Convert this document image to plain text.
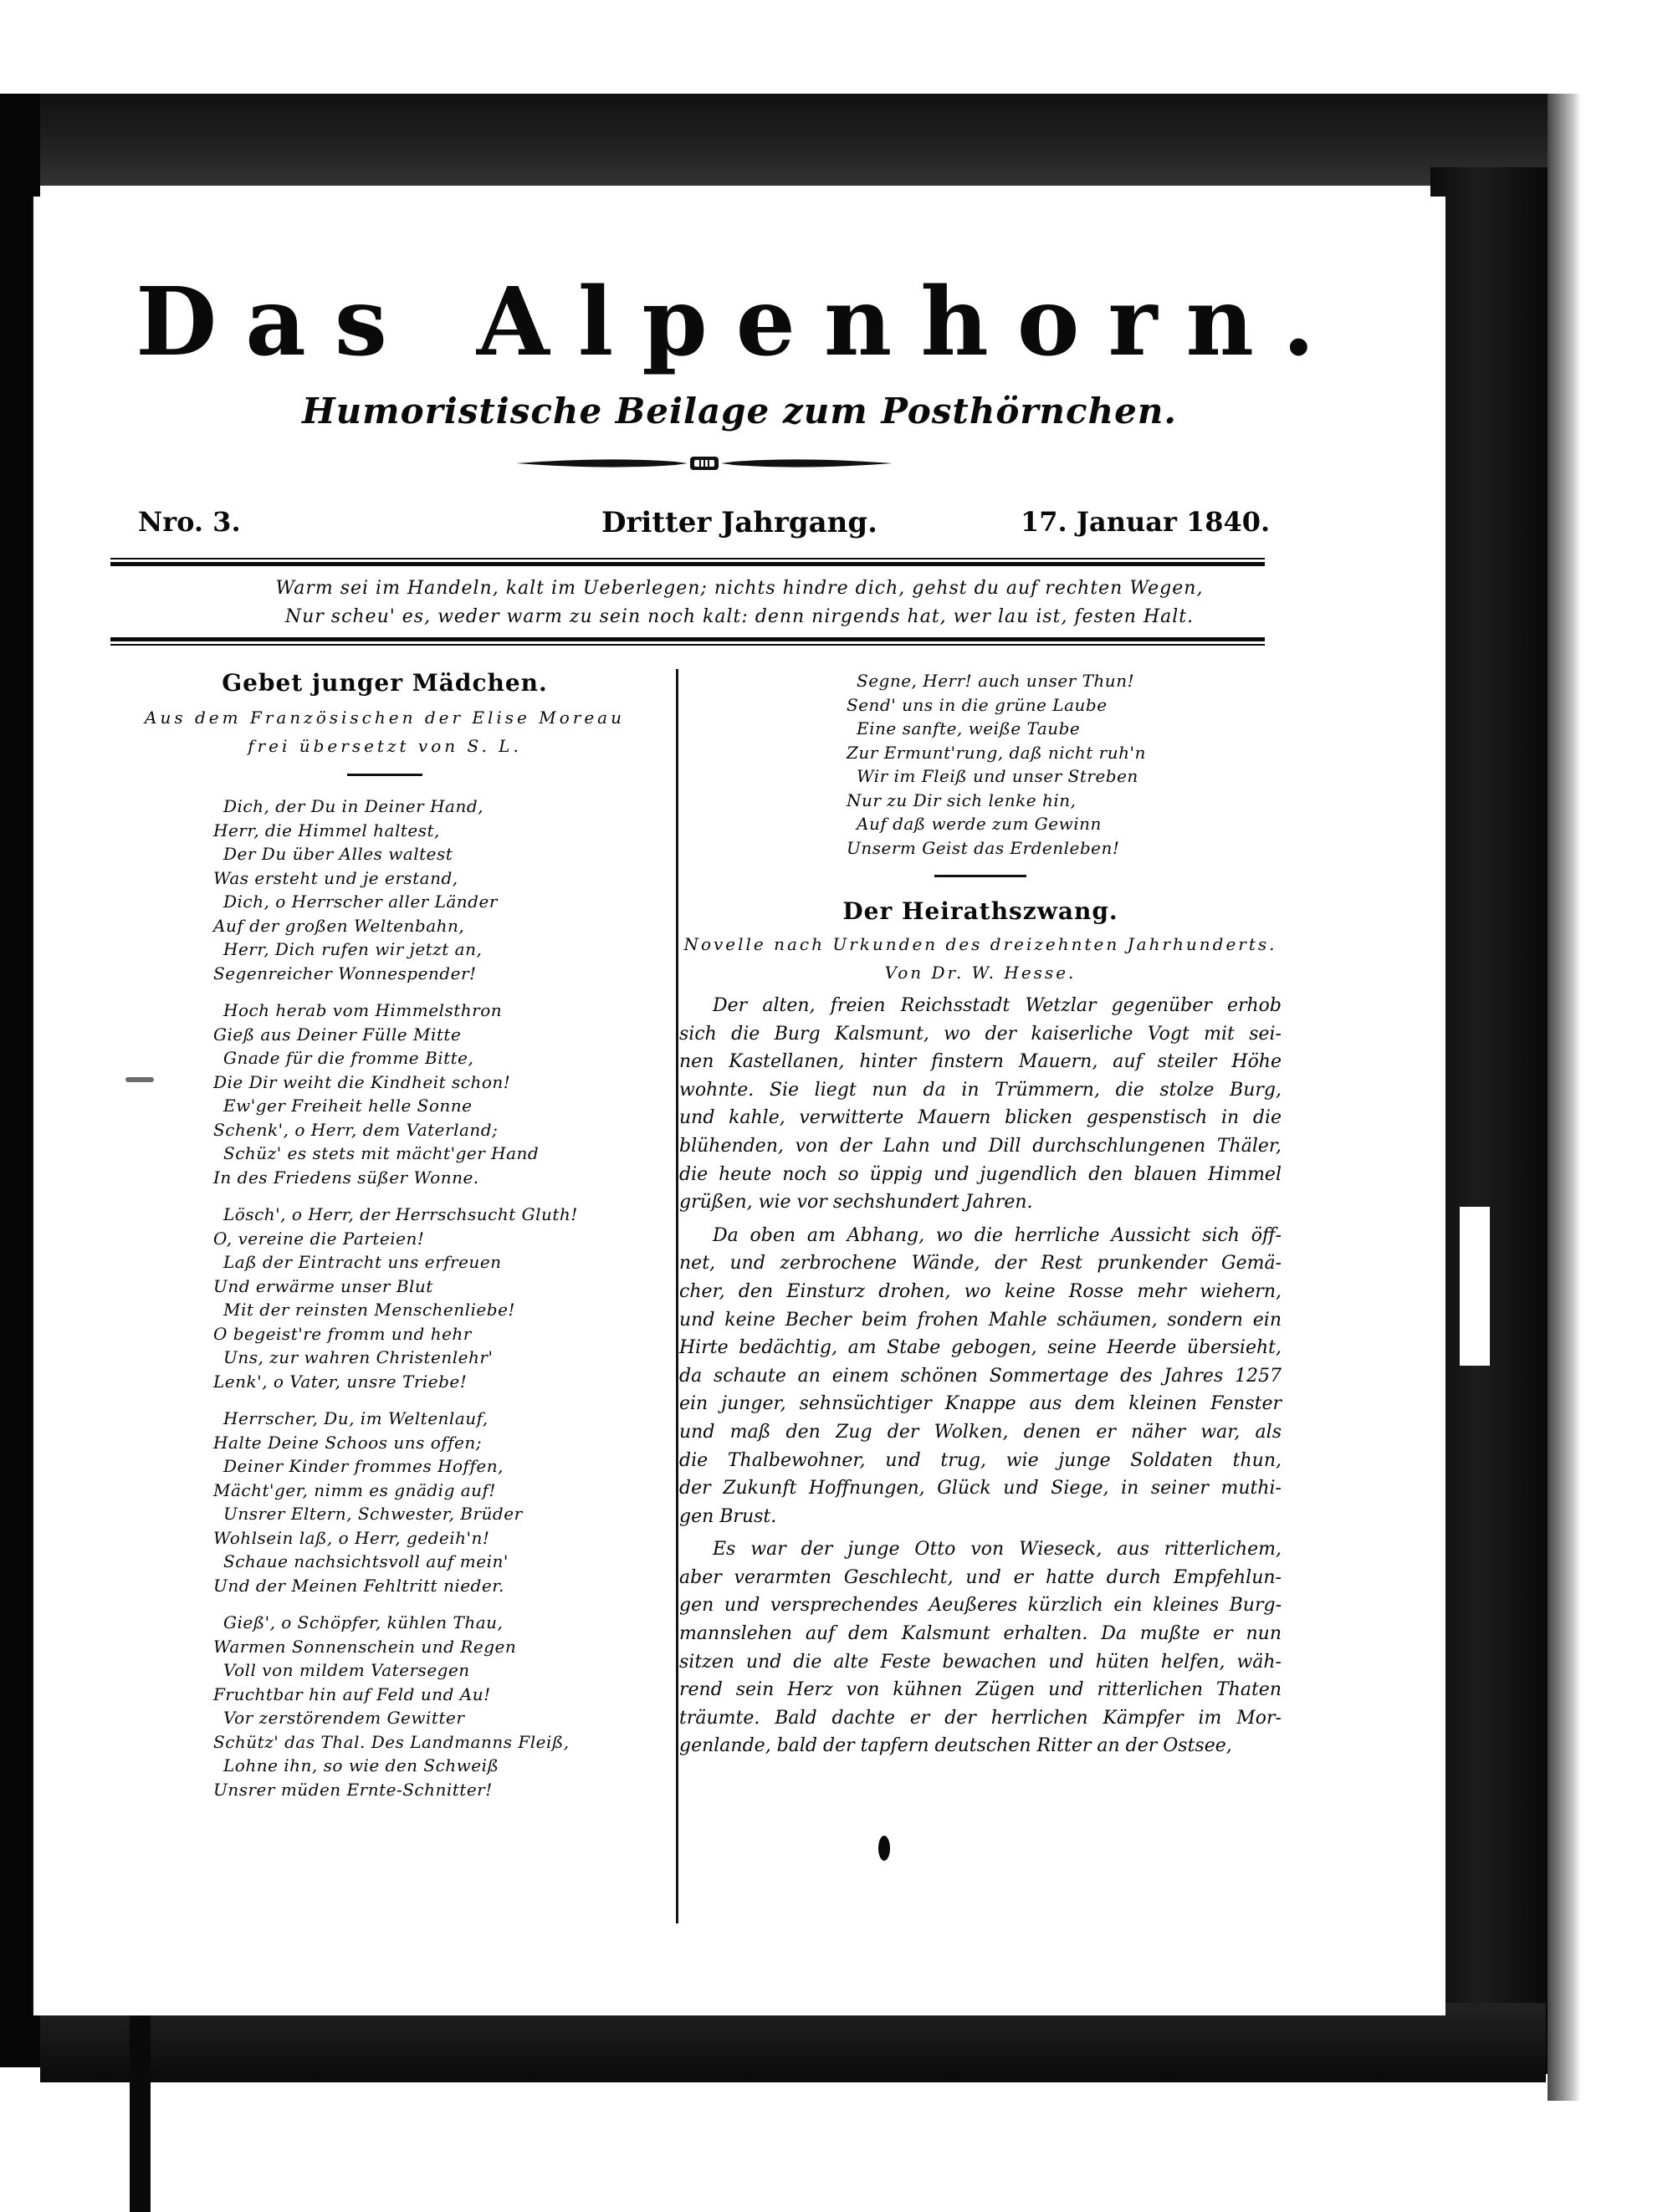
Das Alpenhorn.
Humoristische Beilage zum Posthörnchen.
Nro. 3.	Dritter Jahrgang.	17. Januar 1840.
Warm sei im Handeln, kalt im Ueberlegen; nichts hindre dich, gehst du auf rechten Wegen,
Nur scheu' es, weder warm zu sein noch kalt: denn nirgends hat, wer lau ist, festen Halt.
Gebet junger Mädchen.
Aus dem Französischen der Elise Moreau
frei übersetzt von S. L.
Dich, der Du in Deiner Hand,
Herr, die Himmel haltest,
Der Du über Alles waltest
Was ersteht und je erstand,
Dich, o Herrscher aller Länder
Auf der großen Weltenbahn,
Herr, Dich rufen wir jetzt an,
Segenreicher Wonnespender!
Hoch herab vom Himmelsthron
Gieß aus Deiner Fülle Mitte
Gnade für die fromme Bitte,
Die Dir weiht die Kindheit schon!
Ew'ger Freiheit helle Sonne
Schenk', o Herr, dem Vaterland;
Schüz' es stets mit mächt'ger Hand
In des Friedens süßer Wonne.
Lösch', o Herr, der Herrschsucht Gluth!
O, vereine die Parteien!
Laß der Eintracht uns erfreuen
Und erwärme unser Blut
Mit der reinsten Menschenliebe!
O begeist're fromm und hehr
Uns, zur wahren Christenlehr'
Lenk', o Vater, unsre Triebe!
Herrscher, Du, im Weltenlauf,
Halte Deine Schoos uns offen;
Deiner Kinder frommes Hoffen,
Mächt'ger, nimm es gnädig auf!
Unsrer Eltern, Schwester, Brüder
Wohlsein laß, o Herr, gedeih'n!
Schaue nachsichtsvoll auf mein'
Und der Meinen Fehltritt nieder.
Gieß', o Schöpfer, kühlen Thau,
Warmen Sonnenschein und Regen
Voll von mildem Vatersegen
Fruchtbar hin auf Feld und Au!
Vor zerstörendem Gewitter
Schütz' das Thal. Des Landmanns Fleiß,
Lohne ihn, so wie den Schweiß
Unsrer müden Ernte-Schnitter!
Segne, Herr! auch unser Thun!
Send' uns in die grüne Laube
Eine sanfte, weiße Taube
Zur Ermunt'rung, daß nicht ruh'n
Wir im Fleiß und unser Streben
Nur zu Dir sich lenke hin,
Auf daß werde zum Gewinn
Unserm Geist das Erdenleben!
Der Heirathszwang.
Novelle nach Urkunden des dreizehnten Jahrhunderts.
Von Dr. W. Hesse.
Der alten, freien Reichsstadt Wetzlar gegenüber erhob
sich die Burg Kalsmunt, wo der kaiserliche Vogt mit sei-
nen Kastellanen, hinter finstern Mauern, auf steiler Höhe
wohnte. Sie liegt nun da in Trümmern, die stolze Burg,
und kahle, verwitterte Mauern blicken gespenstisch in die
blühenden, von der Lahn und Dill durchschlungenen Thäler,
die heute noch so üppig und jugendlich den blauen Himmel
grüßen, wie vor sechshundert Jahren.
Da oben am Abhang, wo die herrliche Aussicht sich öff-
net, und zerbrochene Wände, der Rest prunkender Gemä-
cher, den Einsturz drohen, wo keine Rosse mehr wiehern,
und keine Becher beim frohen Mahle schäumen, sondern ein
Hirte bedächtig, am Stabe gebogen, seine Heerde übersieht,
da schaute an einem schönen Sommertage des Jahres 1257
ein junger, sehnsüchtiger Knappe aus dem kleinen Fenster
und maß den Zug der Wolken, denen er näher war, als
die Thalbewohner, und trug, wie junge Soldaten thun,
der Zukunft Hoffnungen, Glück und Siege, in seiner muthi-
gen Brust.
Es war der junge Otto von Wieseck, aus ritterlichem,
aber verarmten Geschlecht, und er hatte durch Empfehlun-
gen und versprechendes Aeußeres kürzlich ein kleines Burg-
mannslehen auf dem Kalsmunt erhalten. Da mußte er nun
sitzen und die alte Feste bewachen und hüten helfen, wäh-
rend sein Herz von kühnen Zügen und ritterlichen Thaten
träumte. Bald dachte er der herrlichen Kämpfer im Mor-
genlande, bald der tapfern deutschen Ritter an der Ostsee,
